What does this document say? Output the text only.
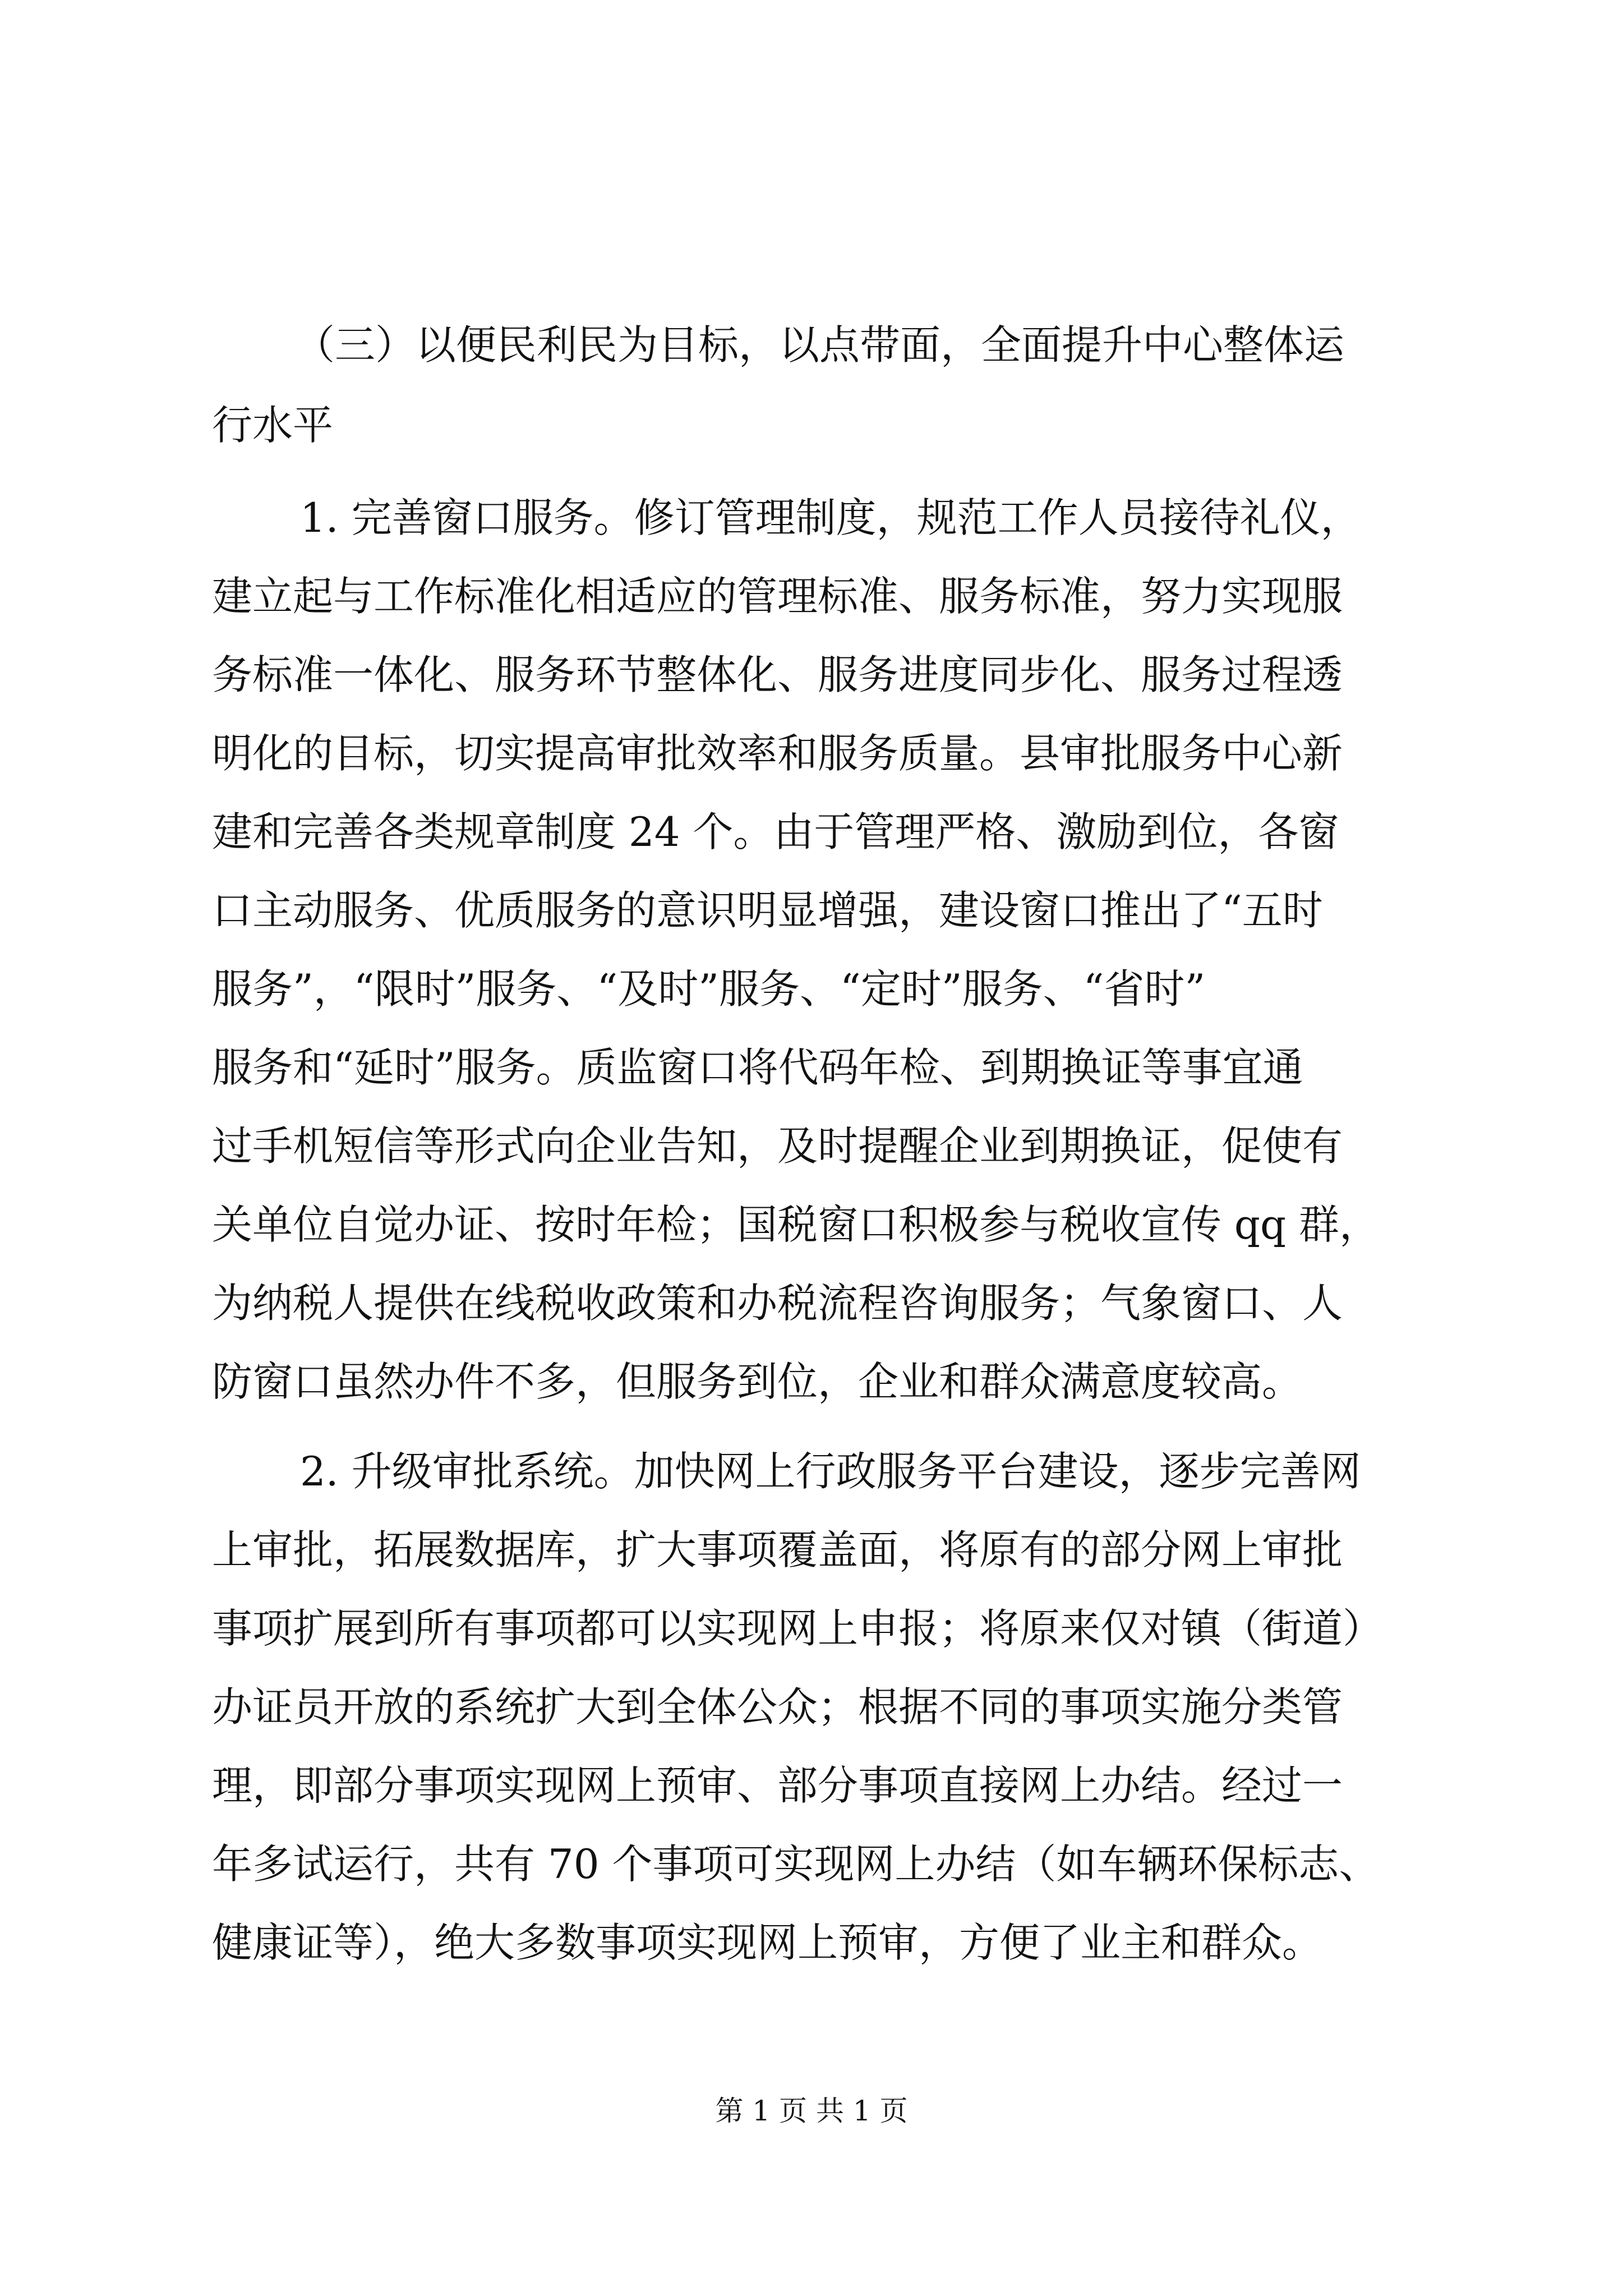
（三）以便民利民为目标，以点带面，全面提升中心整体运

行水平

1. 完善窗口服务。修订管理制度，规范工作人员接待礼仪，

建立起与工作标准化相适应的管理标准、服务标准，努力实现服

务标准一体化、服务环节整体化、服务进度同步化、服务过程透

明化的目标，切实提高审批效率和服务质量。县审批服务中心新

建和完善各类规章制度 24 个。由于管理严格、激励到位，各窗

口主动服务、优质服务的意识明显增强，建设窗口推出了“五时

服务”，“限时”服务、“及时”服务、“定时”服务、“省时”

服务和“延时”服务。质监窗口将代码年检、到期换证等事宜通

过手机短信等形式向企业告知，及时提醒企业到期换证，促使有

关单位自觉办证、按时年检；国税窗口积极参与税收宣传 qq 群，

为纳税人提供在线税收政策和办税流程咨询服务；气象窗口、人

防窗口虽然办件不多，但服务到位，企业和群众满意度较高。

2. 升级审批系统。加快网上行政服务平台建设，逐步完善网

上审批，拓展数据库，扩大事项覆盖面，将原有的部分网上审批

事项扩展到所有事项都可以实现网上申报；将原来仅对镇（街道）

办证员开放的系统扩大到全体公众；根据不同的事项实施分类管

理，即部分事项实现网上预审、部分事项直接网上办结。经过一

年多试运行，共有 70 个事项可实现网上办结（如车辆环保标志、

健康证等），绝大多数事项实现网上预审，方便了业主和群众。

第 1 页 共 1 页
